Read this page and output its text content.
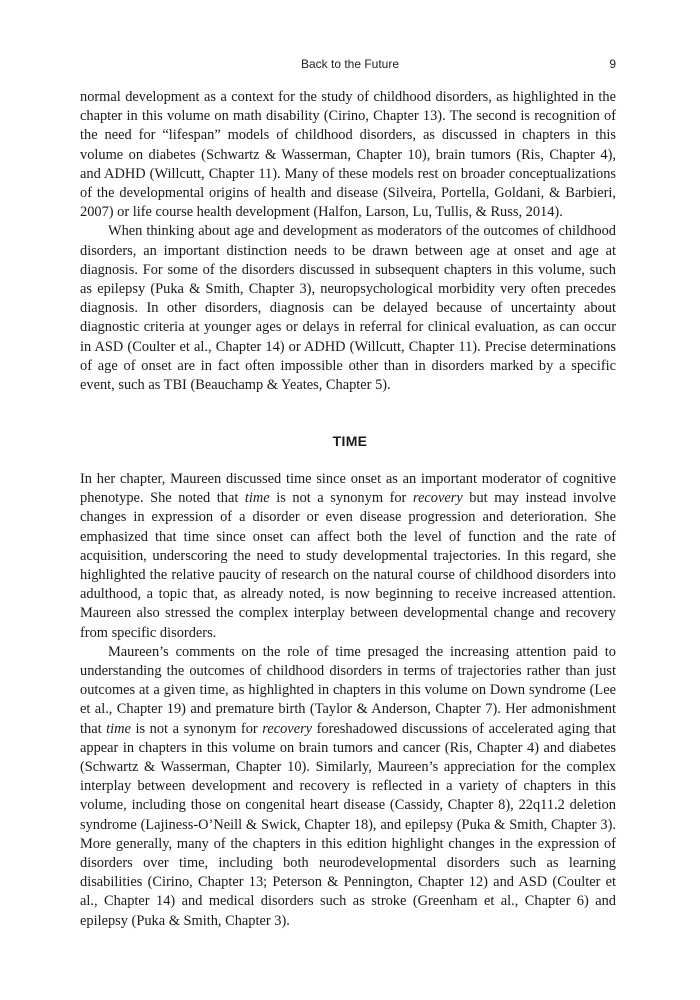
Back to the Future	9

normal development as a context for the study of childhood disorders, as highlighted in the chapter in this volume on math disability (Cirino, Chapter 13). The second is recognition of the need for “lifespan” models of childhood disorders, as discussed in chapters in this volume on diabetes (Schwartz & Wasserman, Chapter 10), brain tumors (Ris, Chapter 4), and ADHD (Willcutt, Chapter 11). Many of these models rest on broader conceptualizations of the developmental origins of health and disease (Silveira, Portella, Goldani, & Barbieri, 2007) or life course health development (Halfon, Larson, Lu, Tullis, & Russ, 2014).

When thinking about age and development as moderators of the outcomes of childhood disorders, an important distinction needs to be drawn between age at onset and age at diagnosis. For some of the disorders discussed in subsequent chapters in this volume, such as epilepsy (Puka & Smith, Chapter 3), neuropsychological morbidity very often precedes diagnosis. In other disorders, diagnosis can be delayed because of uncertainty about diagnostic criteria at younger ages or delays in referral for clinical evaluation, as can occur in ASD (Coulter et al., Chapter 14) or ADHD (Willcutt, Chapter 11). Precise determinations of age of onset are in fact often impossible other than in disorders marked by a specific event, such as TBI (Beauchamp & Yeates, Chapter 5).

TIME

In her chapter, Maureen discussed time since onset as an important moderator of cognitive phenotype. She noted that time is not a synonym for recovery but may instead involve changes in expression of a disorder or even disease progression and deterioration. She emphasized that time since onset can affect both the level of function and the rate of acquisition, underscoring the need to study developmental trajectories. In this regard, she highlighted the relative paucity of research on the natural course of childhood disorders into adulthood, a topic that, as already noted, is now beginning to receive increased attention. Maureen also stressed the complex interplay between developmental change and recovery from specific disorders.

Maureen’s comments on the role of time presaged the increasing attention paid to understanding the outcomes of childhood disorders in terms of trajectories rather than just outcomes at a given time, as highlighted in chapters in this volume on Down syndrome (Lee et al., Chapter 19) and premature birth (Taylor & Anderson, Chapter 7). Her admonishment that time is not a synonym for recovery foreshadowed discussions of accelerated aging that appear in chapters in this volume on brain tumors and cancer (Ris, Chapter 4) and diabetes (Schwartz & Wasserman, Chapter 10). Similarly, Maureen’s appreciation for the complex interplay between development and recovery is reflected in a variety of chapters in this volume, including those on congenital heart disease (Cassidy, Chapter 8), 22q11.2 deletion syndrome (Lajiness-O’Neill & Swick, Chapter 18), and epilepsy (Puka & Smith, Chapter 3). More generally, many of the chapters in this edition highlight changes in the expression of disorders over time, including both neurodevelopmental disorders such as learning disabilities (Cirino, Chapter 13; Peterson & Pennington, Chapter 12) and ASD (Coulter et al., Chapter 14) and medical disorders such as stroke (Greenham et al., Chapter 6) and epilepsy (Puka & Smith, Chapter 3).
